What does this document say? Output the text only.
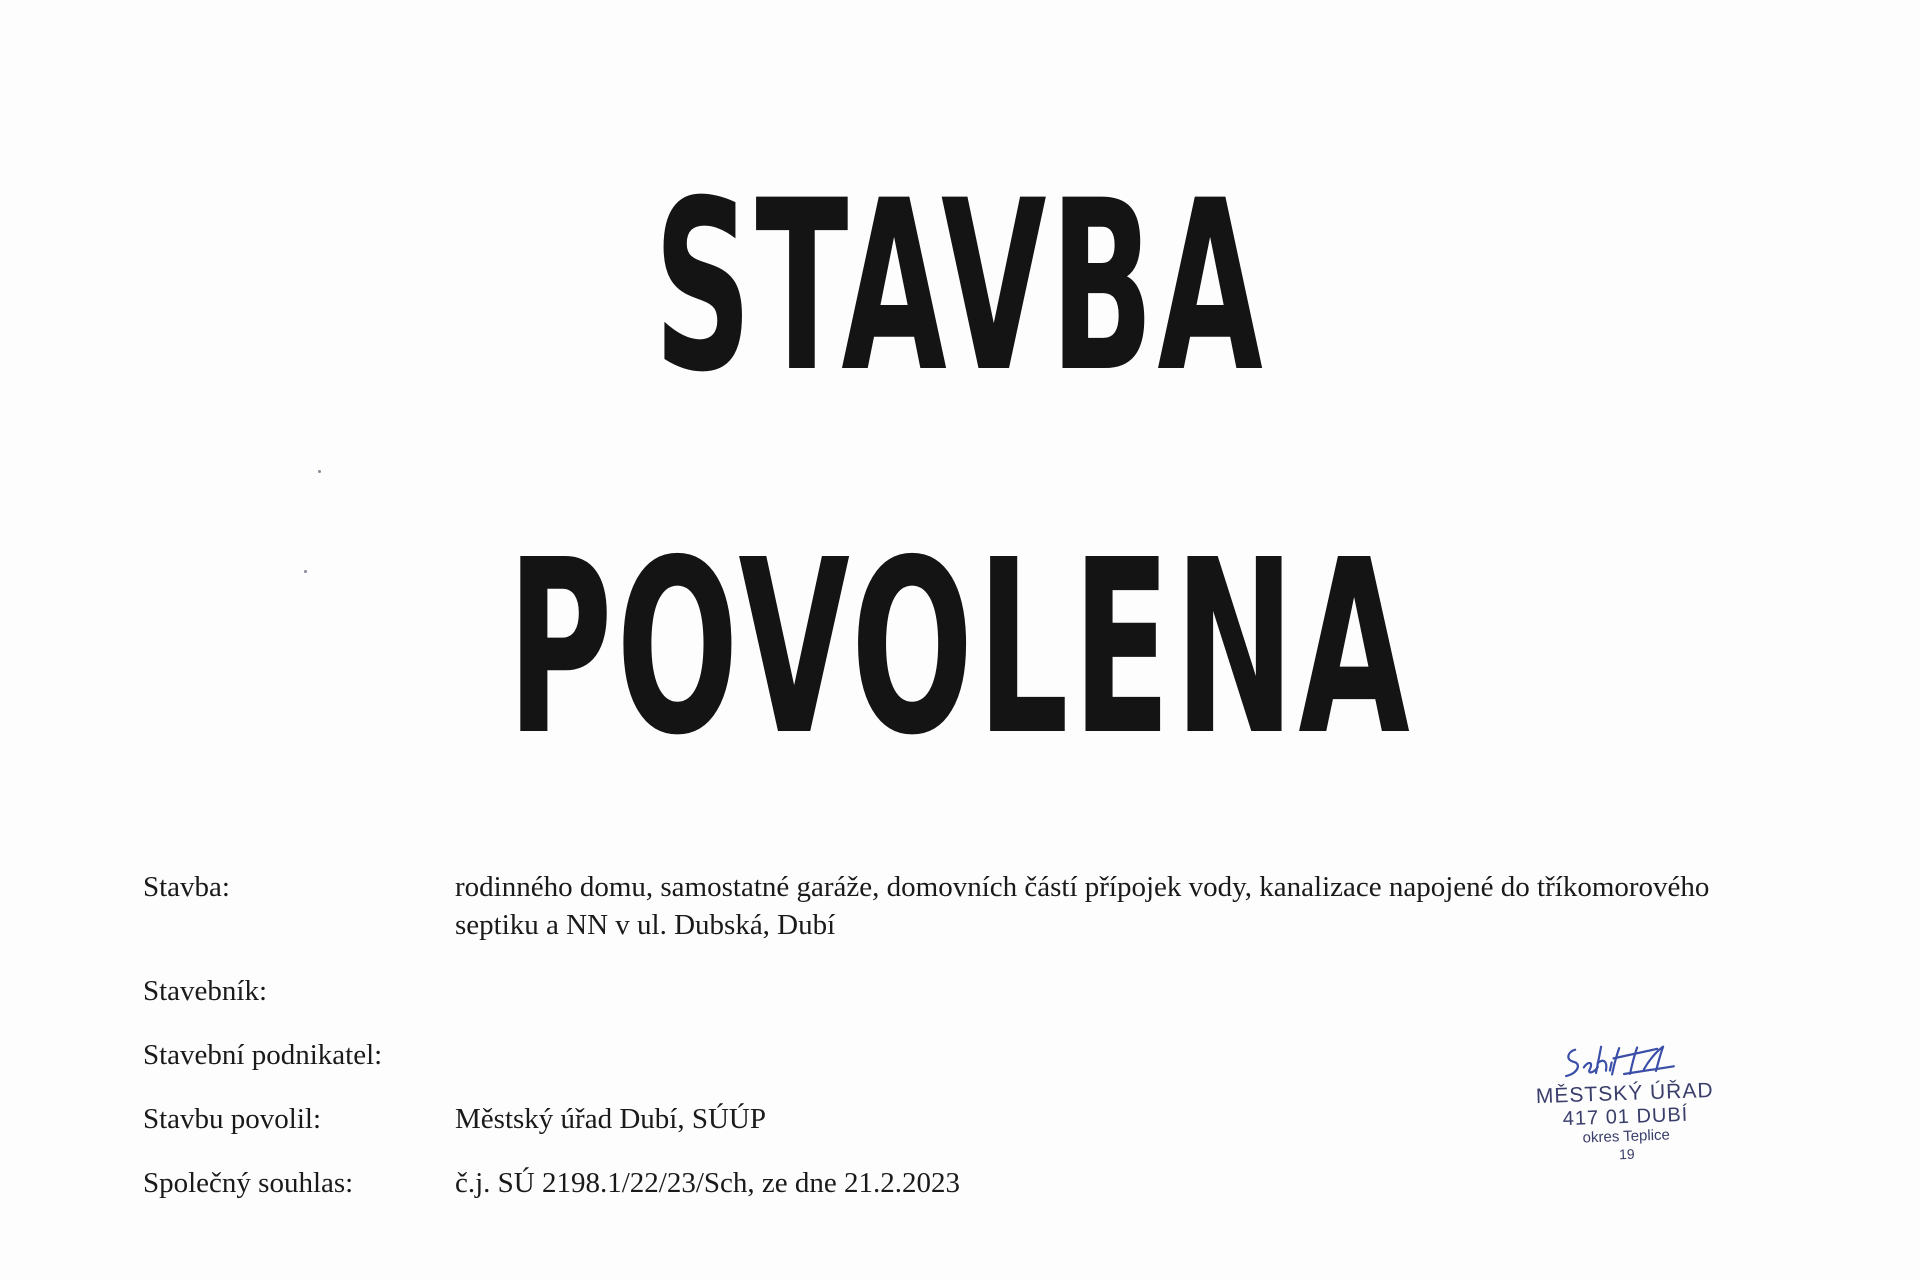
STAVBA
POVOLENA
Stavba:	rodinného domu, samostatné garáže, domovních částí přípojek vody, kanalizace napojené do tříkomorového septiku a NN v ul. Dubská, Dubí
Stavebník:
Stavební podnikatel:
Stavbu povolil:	Městský úřad Dubí, SÚÚP
Společný souhlas:	č.j. SÚ 2198.1/22/23/Sch, ze dne 21.2.2023
MĚSTSKÝ ÚŘAD
417 01 DUBÍ
okres Teplice
19
